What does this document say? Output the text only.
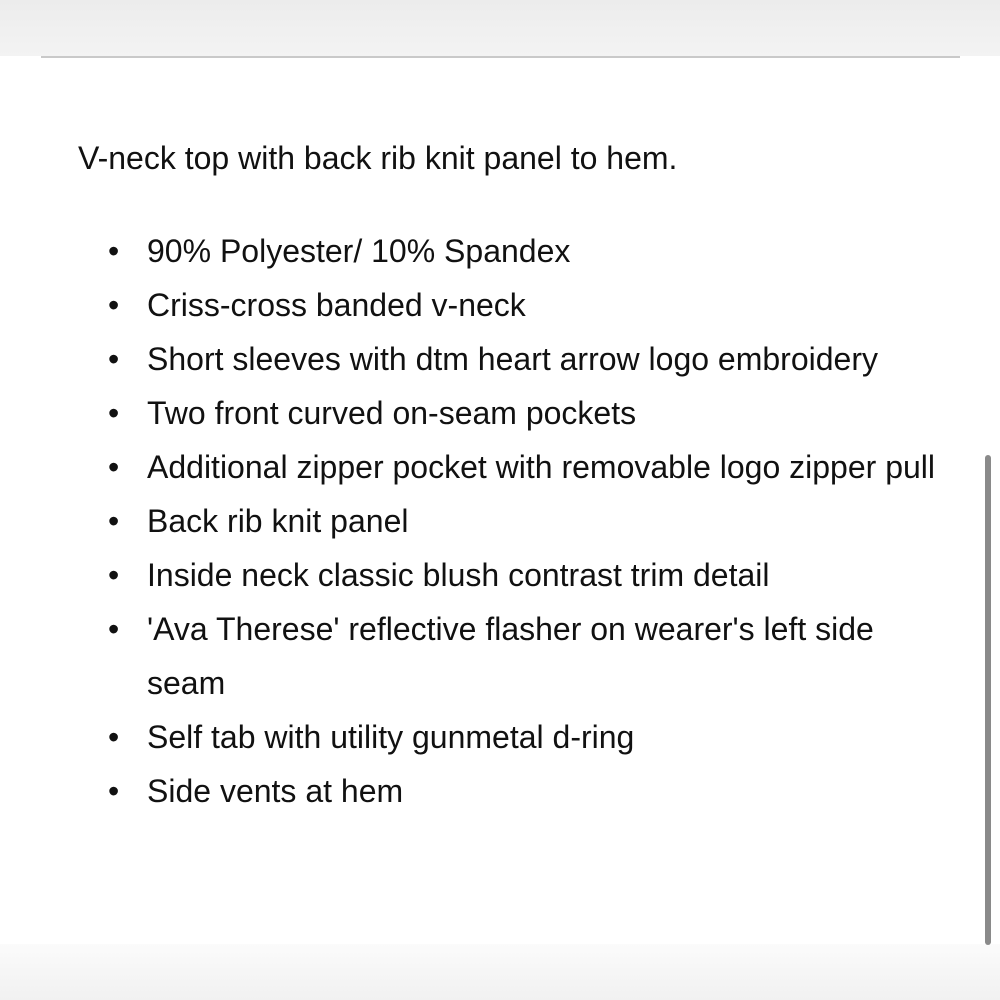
V-neck top with back rib knit panel to hem.

• 90% Polyester/ 10% Spandex
• Criss-cross banded v-neck
• Short sleeves with dtm heart arrow logo embroidery
• Two front curved on-seam pockets
• Additional zipper pocket with removable logo zipper pull
• Back rib knit panel
• Inside neck classic blush contrast trim detail
• 'Ava Therese' reflective flasher on wearer's left side seam
• Self tab with utility gunmetal d-ring
• Side vents at hem
